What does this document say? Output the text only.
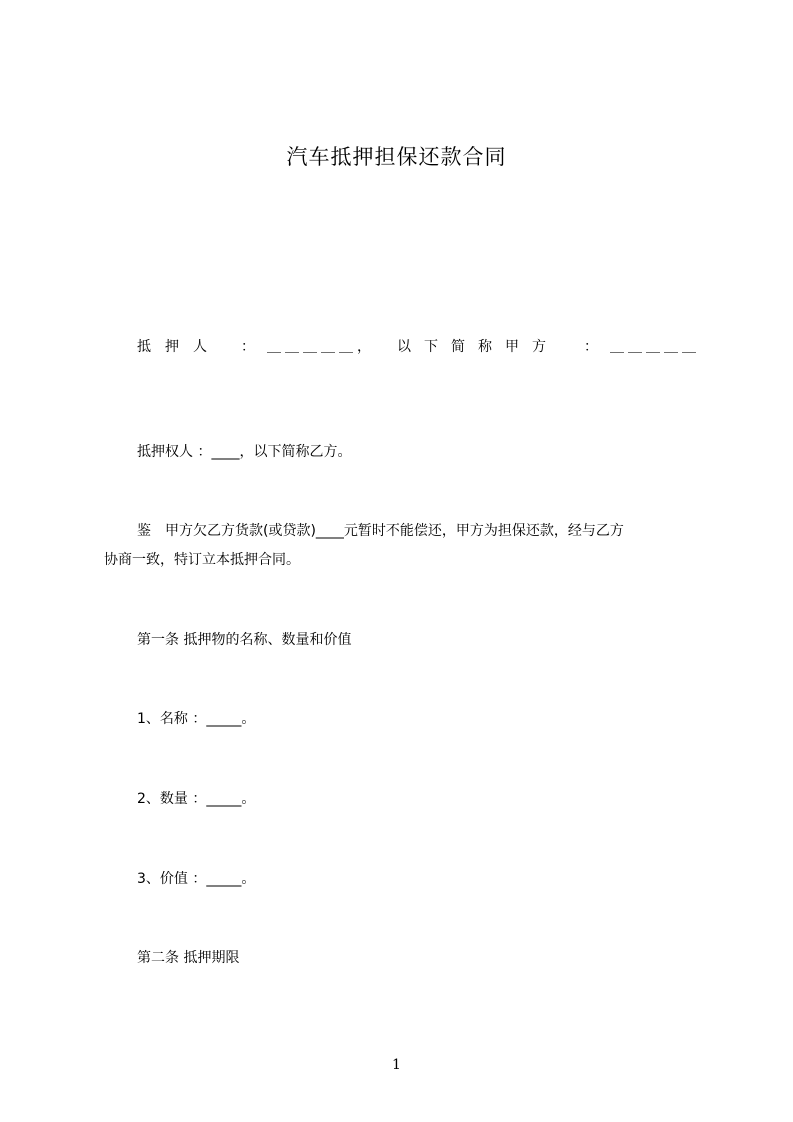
汽车抵押担保还款合同
抵押人 ： ＿＿＿＿＿， 以下简称甲方 ： ＿＿＿＿＿
抵押权人 ：____，以下简称乙方。
鉴　甲方欠乙方货款(或贷款)____元暂时不能偿还，甲方为担保还款，经与乙方
协商一致，特订立本抵押合同。
第一条 抵押物的名称、数量和价值
1、名称 ：_____。
2、数量 ：_____。
3、价值 ：_____。
第二条 抵押期限
1
